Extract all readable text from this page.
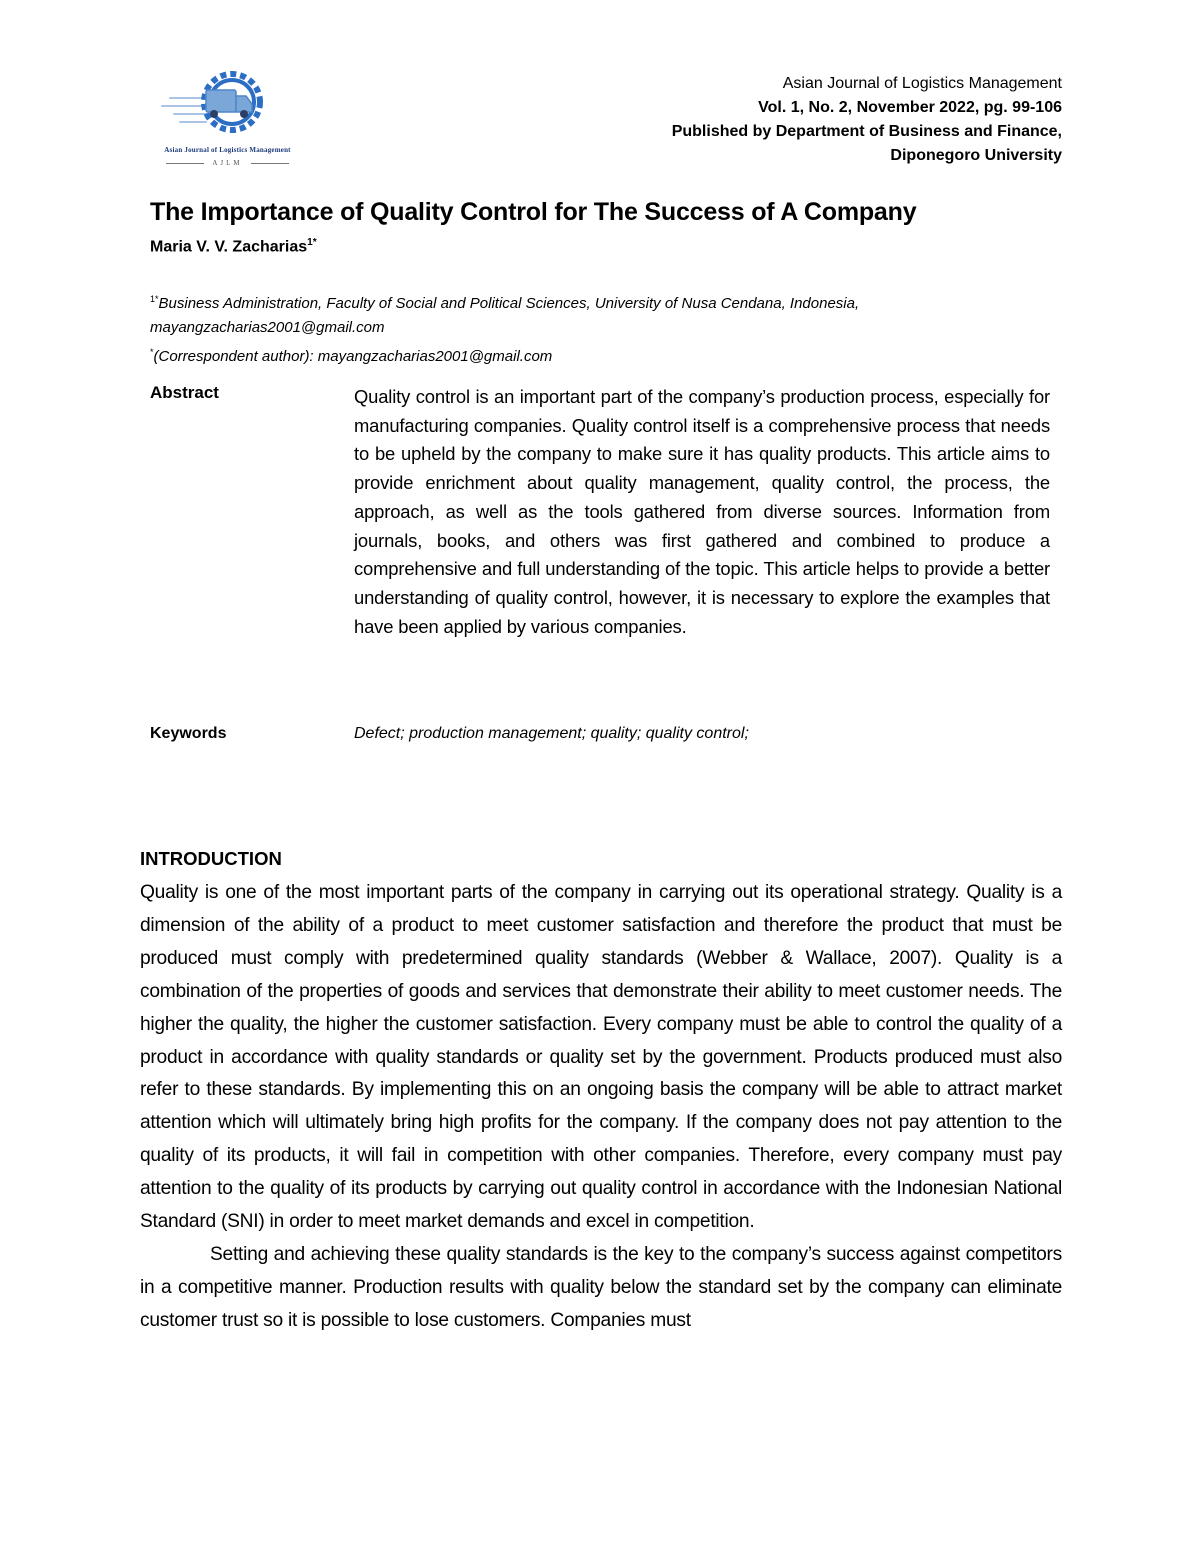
Asian Journal of Logistics Management
AJLM
Asian Journal of Logistics Management
Vol. 1, No. 2, November 2022, pg. 99-106
Published by Department of Business and Finance,
Diponegoro University
The Importance of Quality Control for The Success of A Company
Maria V. V. Zacharias$^{1*}$
$^{1*}$Business Administration, Faculty of Social and Political Sciences, University of Nusa Cendana, Indonesia,
mayangzacharias2001@gmail.com
*(Correspondent author): mayangzacharias2001@gmail.com
Abstract	Quality control is an important part of the company’s production process, especially for manufacturing companies. Quality control itself is a comprehensive process that needs to be upheld by the company to make sure it has quality products. This article aims to provide enrichment about quality management, quality control, the process, the approach, as well as the tools gathered from diverse sources. Information from journals, books, and others was first gathered and combined to produce a comprehensive and full understanding of the topic. This article helps to provide a better understanding of quality control, however, it is necessary to explore the examples that have been applied by various companies.
Keywords	Defect; production management; quality; quality control;
INTRODUCTION

Quality is one of the most important parts of the company in carrying out its operational strategy. Quality is a dimension of the ability of a product to meet customer satisfaction and therefore the product that must be produced must comply with predetermined quality standards (Webber & Wallace, 2007). Quality is a combination of the properties of goods and services that demonstrate their ability to meet customer needs. The higher the quality, the higher the customer satisfaction. Every company must be able to control the quality of a product in accordance with quality standards or quality set by the government. Products produced must also refer to these standards. By implementing this on an ongoing basis the company will be able to attract market attention which will ultimately bring high profits for the company. If the company does not pay attention to the quality of its products, it will fail in competition with other companies. Therefore, every company must pay attention to the quality of its products by carrying out quality control in accordance with the Indonesian National Standard (SNI) in order to meet market demands and excel in competition.

Setting and achieving these quality standards is the key to the company’s success against competitors in a competitive manner. Production results with quality below the standard set by the company can eliminate customer trust so it is possible to lose customers. Companies must
